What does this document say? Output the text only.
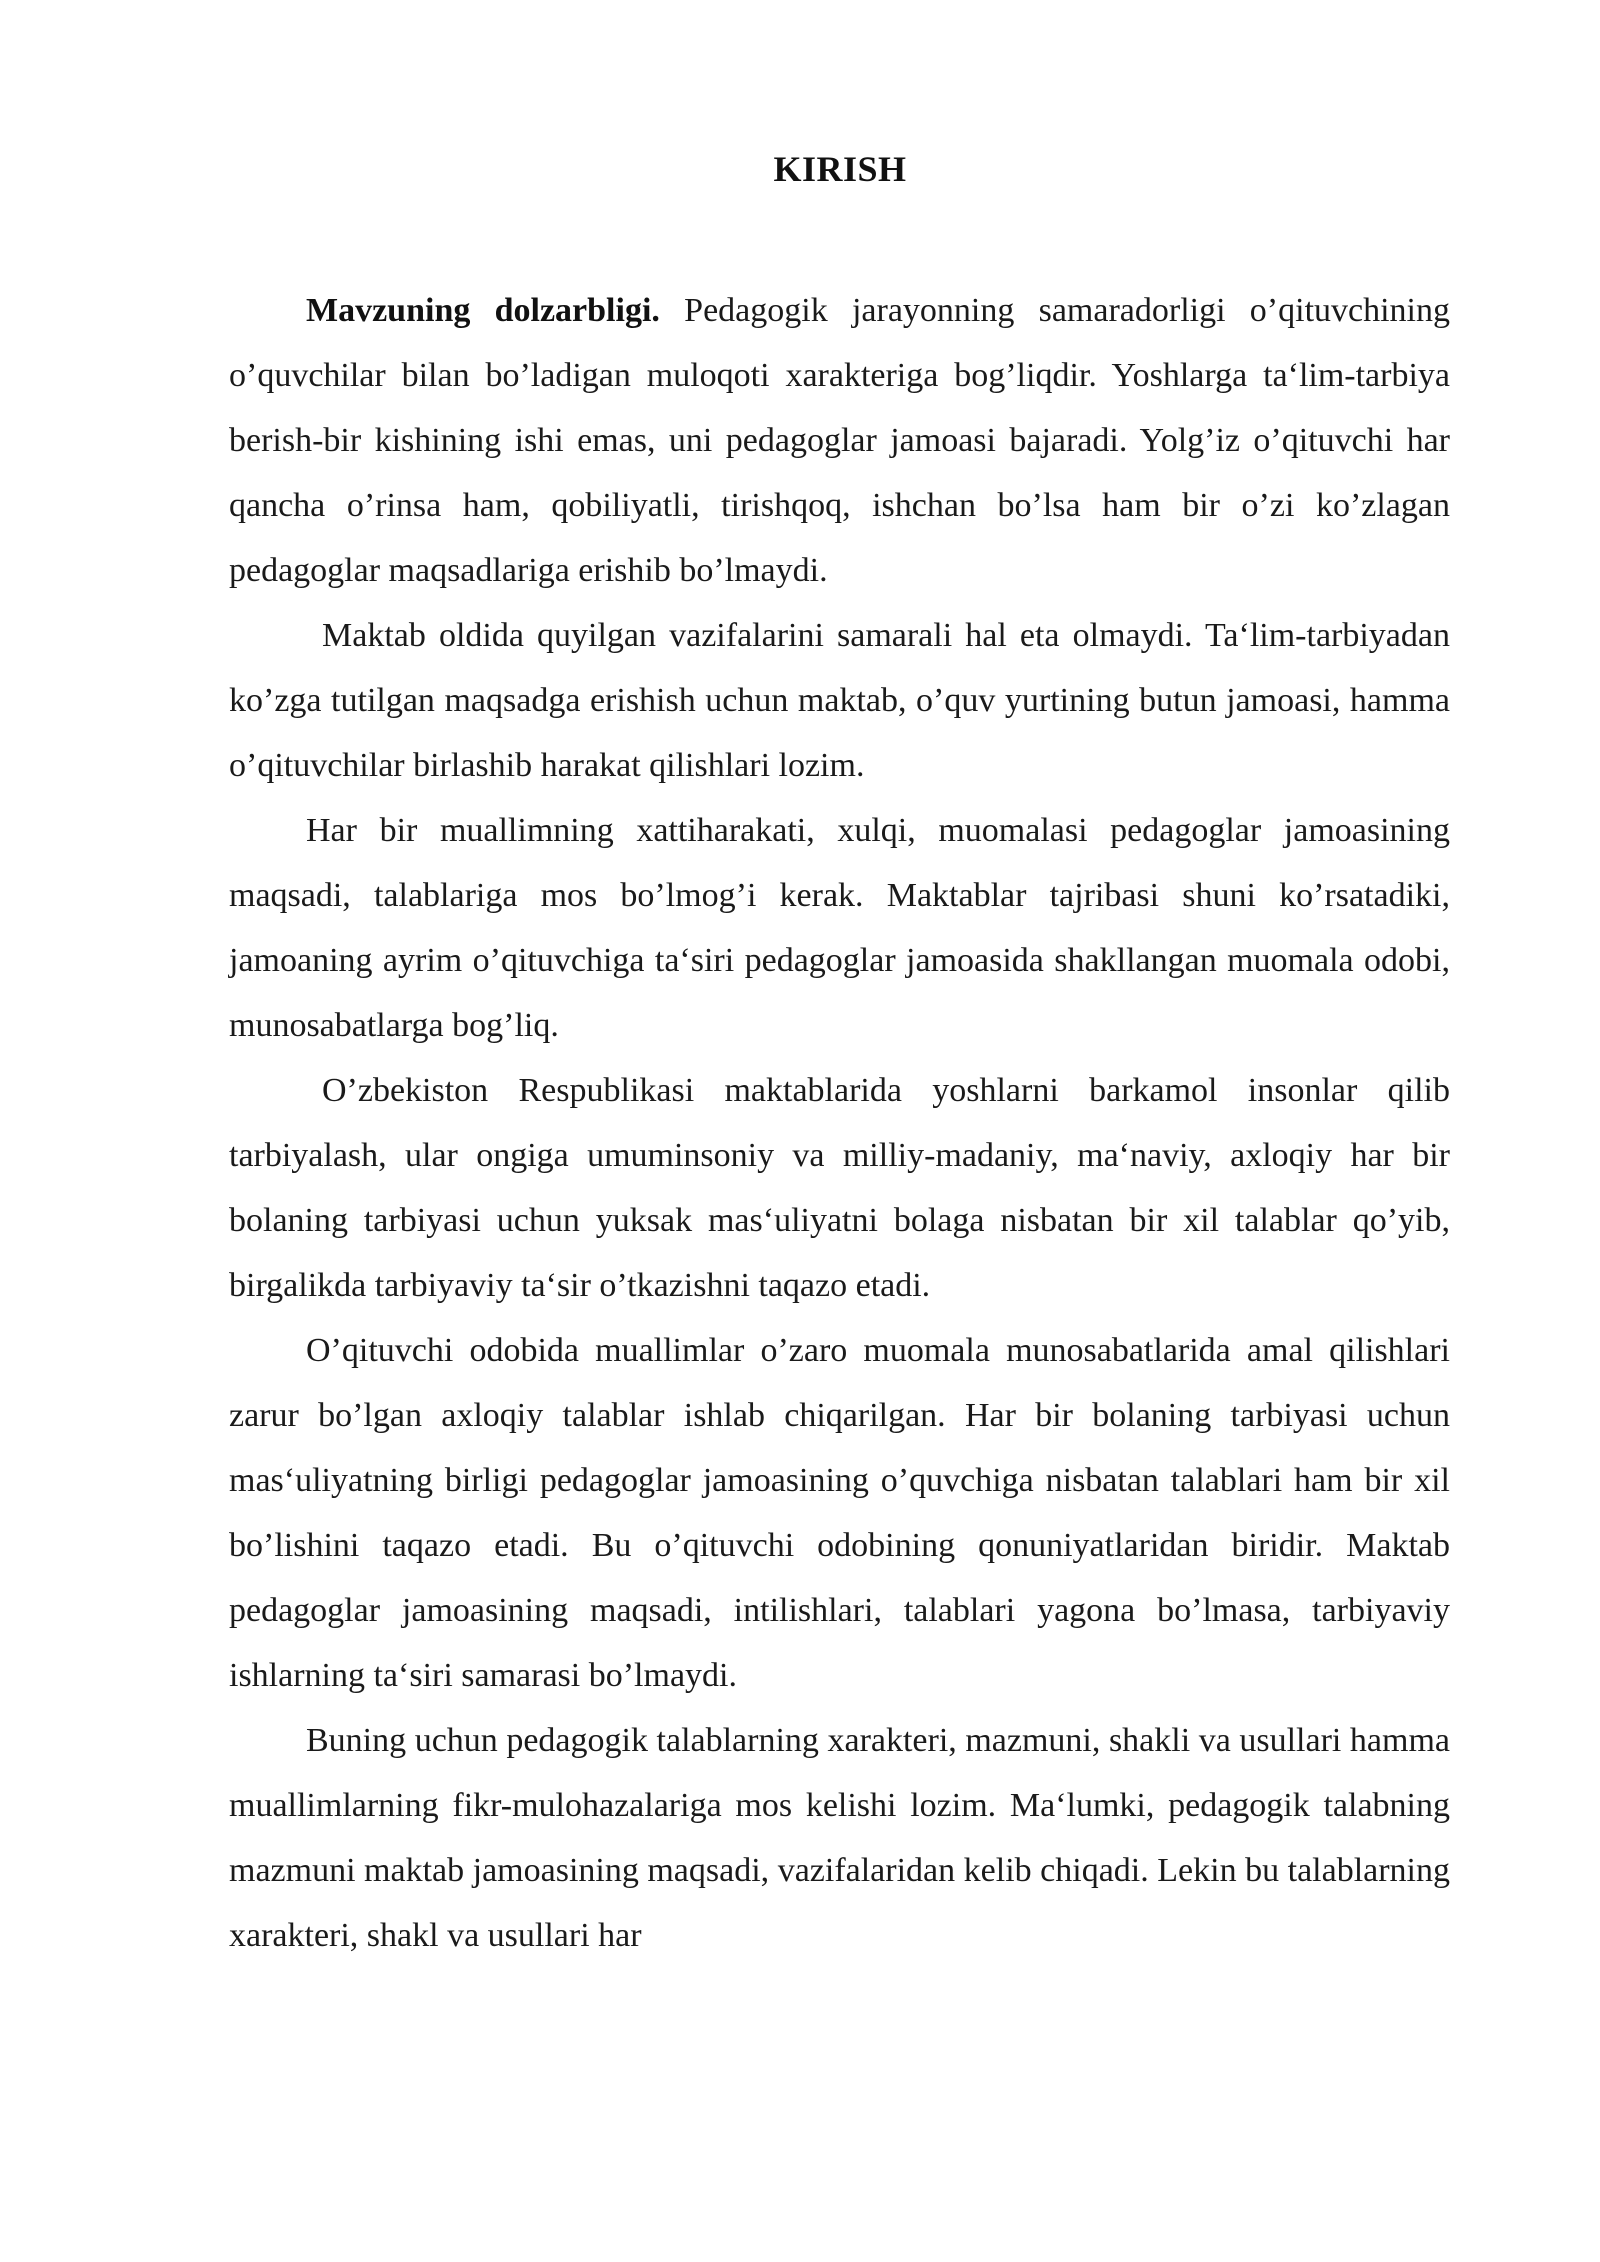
KIRISH

Mavzuning dolzarbligi. Pedagogik jarayonning samaradorligi o’qituvchining o’quvchilar bilan bo’ladigan muloqoti xarakteriga bog’liqdir. Yoshlarga ta‘lim-tarbiya berish-bir kishining ishi emas, uni pedagoglar jamoasi bajaradi. Yolg’iz o’qituvchi har qancha o’rinsa ham, qobiliyatli, tirishqoq, ishchan bo’lsa ham bir o’zi ko’zlagan pedagoglar maqsadlariga erishib bo’lmaydi.

Maktab oldida quyilgan vazifalarini samarali hal eta olmaydi. Ta‘lim-tarbiyadan ko’zga tutilgan maqsadga erishish uchun maktab, o’quv yurtining butun jamoasi, hamma o’qituvchilar birlashib harakat qilishlari lozim.

Har bir muallimning xattiharakati, xulqi, muomalasi pedagoglar jamoasining maqsadi, talablariga mos bo’lmog’i kerak. Maktablar tajribasi shuni ko’rsatadiki, jamoaning ayrim o’qituvchiga ta‘siri pedagoglar jamoasida shakllangan muomala odobi, munosabatlarga bog’liq.

O’zbekiston Respublikasi maktablarida yoshlarni barkamol insonlar qilib tarbiyalash, ular ongiga umuminsoniy va milliy-madaniy, ma‘naviy, axloqiy har bir bolaning tarbiyasi uchun yuksak mas‘uliyatni bolaga nisbatan bir xil talablar qo’yib, birgalikda tarbiyaviy ta‘sir o’tkazishni taqazo etadi.

O’qituvchi odobida muallimlar o’zaro muomala munosabatlarida amal qilishlari zarur bo’lgan axloqiy talablar ishlab chiqarilgan. Har bir bolaning tarbiyasi uchun mas‘uliyatning birligi pedagoglar jamoasining o’quvchiga nisbatan talablari ham bir xil bo’lishini taqazo etadi. Bu o’qituvchi odobining qonuniyatlaridan biridir. Maktab pedagoglar jamoasining maqsadi, intilishlari, talablari yagona bo’lmasa, tarbiyaviy ishlarning ta‘siri samarasi bo’lmaydi.

Buning uchun pedagogik talablarning xarakteri, mazmuni, shakli va usullari hamma muallimlarning fikr-mulohazalariga mos kelishi lozim. Ma‘lumki, pedagogik talabning mazmuni maktab jamoasining maqsadi, vazifalaridan kelib chiqadi. Lekin bu talablarning xarakteri, shakl va usullari har
